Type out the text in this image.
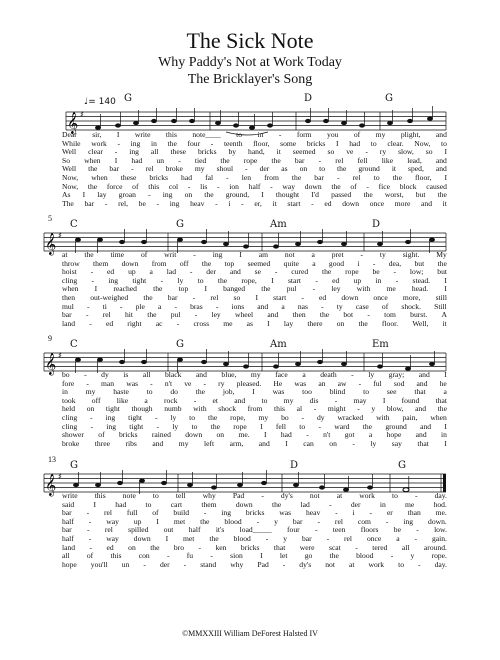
The Sick Note
Why Paddy's Not at Work Today
The Bricklayer's Song
♩= 140 G	D	G
𝄞 ♯
Dear sir, I write this note____ to in - form you of my plight, and
While work - ing in the four - teenth floor, some bricks I had to clear. Now, to
Well clear - ing all these bricks by hand, it seemed so ve - ry slow, so I
So when I had un - tied the rope the bar - rel fell like lead, and
Well the bar - rel broke my shoul - der as on to the ground it sped, and
Now, when these bricks had fal - len from the bar - rel to the floor, I
Now, the force of this col - lis - ion half - way down the of - fice block caused
As I lay groan - ing on the ground, I thought I'd passed the worst, but the
The bar - rel, be - ing heav - i - er, it start - ed down once more and it
5
C	G	Am	D
𝄞 ♯
at the time of writ - ing I am not a pret - ty sight. My
throw them down from off the top seemed quite a good i - dea, but the
hoist - ed up a lad - der and se - cured the rope be - low; but
cling - ing tight - ly to the rope, I start - ed up in - stead. I
when I reached the top I banged the pul - ley with me head. I
then out-weighed the bar - rel so I start - ed down once more, still
mul - ti - ple a - bras - ions and a nas - ty case of shock. Still
bar - rel hit the pul - ley wheel and then the bot - tom burst. A
land - ed right ac - cross me as I lay there on the floor. Well, it
9
C	G	Am	Em
𝄞 ♯
bo - dy is all black and blue, my face a death - ly gray; and I
fore - man was - n't ve - ry pleased. He was an aw - ful sod and he
in my haste to do the job, I was too blind to see that a
took off like a rock - et and to my dis - may I found that
held on tight though numb with shock from this al - might - y blow, and the
cling - ing tight - ly to the rope, my bo - dy wracked with pain, when
cling - ing tight - ly to the rope I fell to - ward the ground and I
shower of bricks rained down on me. I had - n't got a hope and in
broke three ribs and my left arm, and I can on - ly say that I
13
G	D	G
𝄞 ♯
write this note to tell why Pad - dy's not at work to - day.
said	I	had	to	cart	them	down	the	lad	-	der	in	me	hod.
bar - rel full of build - ing bricks was heav - i - er than me.
half - way up I met the blood - y bar - rel com - ing down.
bar - rel spilled out half it's load_____ four - teen floors be - low.
half - way down I met the blood - y bar - rel once a - gain.
land - ed on the bro - ken bricks that were scat - tered all around.
all of this con - fu - sion I let go the blood - y rope.
hope you'll un - der - stand why Pad - dy's not at work to - day.
©MMXXIII William DeForest Halsted IV
